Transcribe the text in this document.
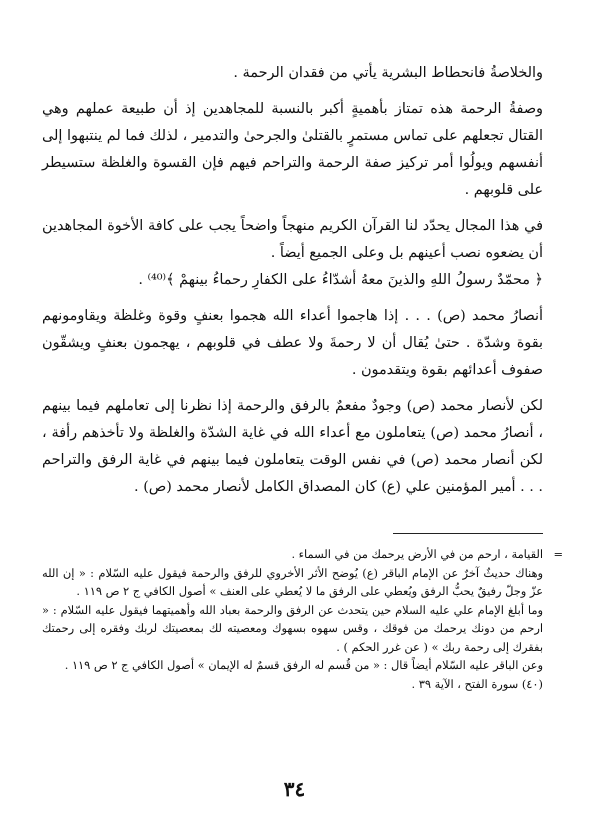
والخلاصةُ فانحطاط البشرية يأتي من فقدان الرحمة .

وصفةُ الرحمة هذه تمتاز بأهميةٍ أكبر بالنسبة للمجاهدين إذ أن طبيعة عملهم وهي القتال تجعلهم على تماس مستمرٍ بالقتلىٰ والجرحىٰ والتدمير ، لذلك فما لم ينتبهوا إلى أنفسهم ويولُوا أمر تركيز صفة الرحمة والتراحم فيهم فإن القسوة والغلظة ستسيطر على قلوبهم .

في هذا المجال يحدّد لنا القرآن الكريم منهجاً واضحاً يجب على كافة الأخوة المجاهدين أن يضعوه نصب أعينهم بل وعلى الجميع أيضاً .

﴿ محمّدٌ رسولُ اللهِ والذينَ معهُ أشدّاءُ على الكفارِ رحماءُ بينهمْ ﴾⁽⁴⁰⁾ .

أنصارُ محمد (ص) . . . إذا هاجموا أعداء الله هجموا بعنفٍ وقوة وغلظة ويقاومونهم بقوة وشدّة . حتىٰ يُقال أن لا رحمةَ ولا عطف في قلوبهم ، يهجمون بعنفٍ ويشقّون صفوف أعدائهم بقوة ويتقدمون .

لكن لأنصار محمد (ص) وجودٌ مفعمٌ بالرفق والرحمة إذا نظرنا إلى تعاملهم فيما بينهم ، أنصارُ محمد (ص) يتعاملون مع أعداء الله في غاية الشدّة والغلظة ولا تأخذهم رأفة ، لكن أنصار محمد (ص) في نفس الوقت يتعاملون فيما بينهم في غاية الرفق والتراحم . . . أمير المؤمنين علي (ع) كان المصداق الكامل لأنصار محمد (ص) .

=

القيامة ، ارحم من في الأرض يرحمك من في السماء .

وهناك حديثٌ آخرٌ عن الإمام الباقر (ع) يُوضح الأثر الأخروي للرفق والرحمة فيقول عليه السّلام : « إن الله عزّ وجلّ رفيقٌ يحبُّ الرفق ويُعطي على الرفق ما لا يُعطي على العنف » أصول الكافي ج ٢ ص ١١٩ .

وما أبلغ الإمام علي عليه السلام حين يتحدث عن الرفق والرحمة بعباد الله وأهميتهما فيقول عليه السّلام : « ارحم من دونك يرحمك من فوقك ، وقس سهوه بسهوك ومعصيته لك بمعصيتك لربك وفقره إلى رحمتك بفقرك إلى رحمة ربك » ( عن غرر الحكم ) .

وعن الباقر عليه السّلام أيضاً قال : « من قُسم له الرفق قسمٌ له الإيمان » أصول الكافي ج ٢ ص ١١٩ .

(٤٠) سورة الفتح ، الآية ٣٩ .

٣٤
